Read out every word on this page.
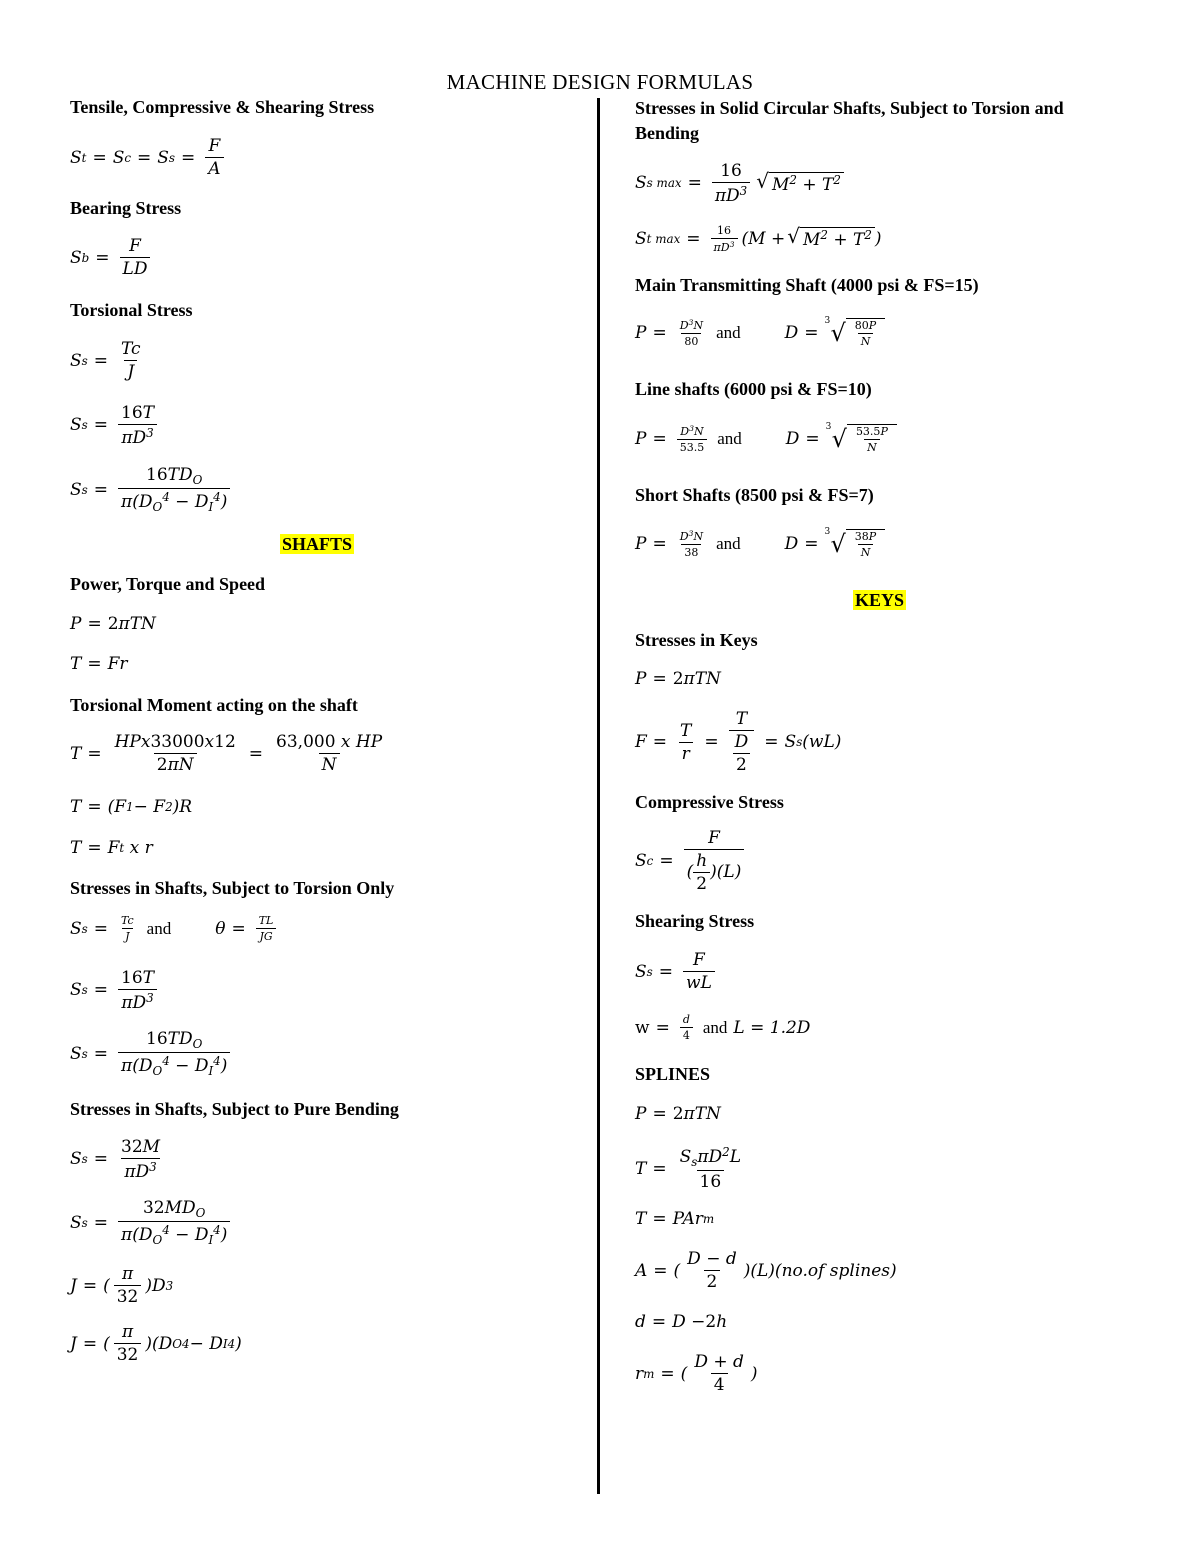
MACHINE DESIGN FORMULAS
Tensile, Compressive & Shearing Stress
S t = S c = S $s = \frac{F}{A}$
Bearing Stress
S $b = \frac{F}{LD}$
Torsional Stress
S $s = \frac{Tc}{J}$
S $s = \frac{16T}{\pi D^3}$
S $s = \frac{16TD_O}{\pi(D_O^4 - D_I^4)}$
SHAFTS
Power, Torque and Speed
P = 2 πTN
T = Fr
Torsional Moment acting on the shaft
$T = \frac{\text{HPx33000x12}}{2\pi N} = \frac{\text{63,000 x HP}}{N}$
T = (F 1 − F 2 )R
T = F t x r
Stresses in Shafts, Subject to Torsion Only
S $s = \frac{Tc}{J}$ and	$\theta = \frac{TL}{JG}$
S $s = \frac{16T}{\pi D^3}$
S $s = \frac{16TD_O}{\pi(D_O^4 - D_I^4)}$
Stresses in Shafts, Subject to Pure Bending
S $s = \frac{32M}{\pi D^3}$
S $s = \frac{32MD_O}{\pi(D_O^4 - D_I^4)}$
J = ( $\frac{\pi}{32} )D$ 3
J = ( $\frac{\pi}{32} )(D$ O 4 − D I 4 )
Stresses in Solid Circular Shafts, Subject to Torsion and Bending
S s $\max = \frac{16}{\pi D^3}$ √ $M^2 + T^2$
S t $\max = \frac{16}{\pi D^3} (M$ + √ $M^2 + T^2$ )
Main Transmitting Shaft (4000 psi & FS=15)
$P = \frac{D^3N}{80}$ and	D =
3 √ $\frac{80P}{N}$
Line shafts (6000 psi & FS=10)
$P = \frac{D^3N}{53.5}$ and	D =
3 √ $\frac{53.5P}{N}$
Short Shafts (8500 psi & FS=7)
$P = \frac{D^3N}{38}$ and	D =
3 √ $\frac{38P}{N}$
KEYS
Stresses in Keys
P = 2 πTN
$F = \frac{T}{r} = \frac{T}{\frac{D}{2}} = S$ s (wL)
Compressive Stress
S $c = \frac{F}{( \frac{h}{2} )(L)}$
Shearing Stress
S $s = \frac{F}{wL}$
$w = \frac{d}{4}$ and L = 1.2D
SPLINES
P = 2 πTN
$T = \frac{S_s\pi D^2L}{16}$
T = PAr m
A = ( $\frac{D - d}{2} )(L)(no.of$ splines)
d = D − 2 h
r m = ( $\frac{D + d}{4}$ )
